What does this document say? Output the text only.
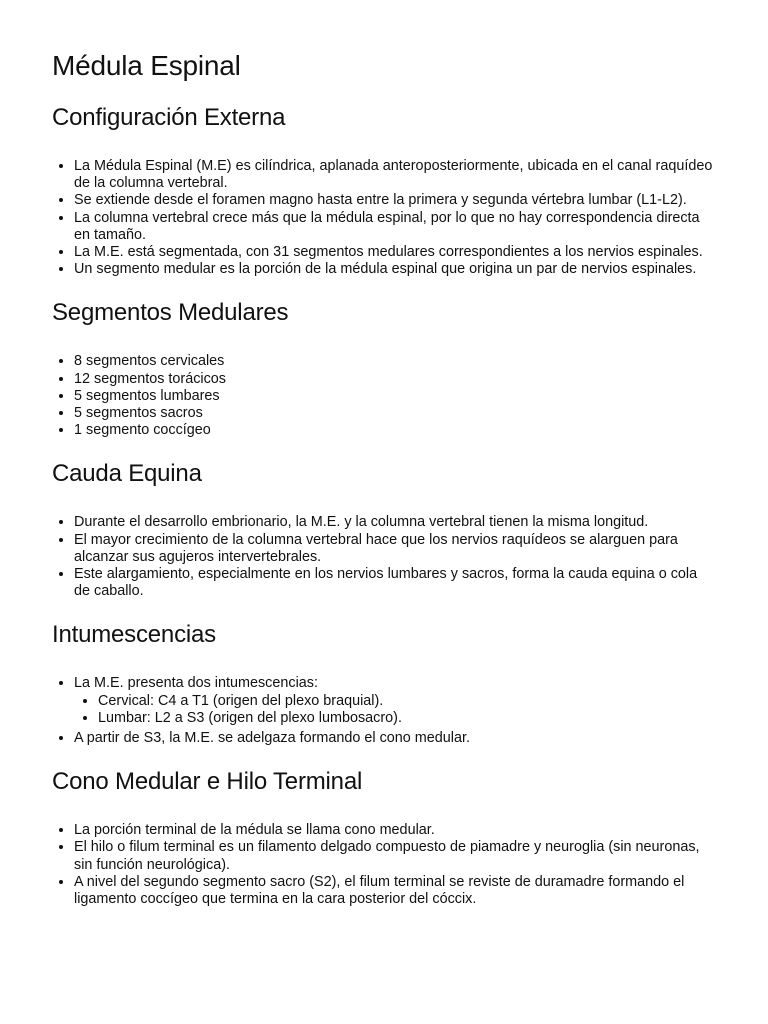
Médula Espinal
Configuración Externa
• La Médula Espinal (M.E) es cilíndrica, aplanada anteroposteriormente, ubicada en el canal raquídeo de la columna vertebral.
• Se extiende desde el foramen magno hasta entre la primera y segunda vértebra lumbar (L1-L2).
• La columna vertebral crece más que la médula espinal, por lo que no hay correspondencia directa en tamaño.
• La M.E. está segmentada, con 31 segmentos medulares correspondientes a los nervios espinales.
• Un segmento medular es la porción de la médula espinal que origina un par de nervios espinales.
Segmentos Medulares
• 8 segmentos cervicales
• 12 segmentos torácicos
• 5 segmentos lumbares
• 5 segmentos sacros
• 1 segmento coccígeo
Cauda Equina
• Durante el desarrollo embrionario, la M.E. y la columna vertebral tienen la misma longitud.
• El mayor crecimiento de la columna vertebral hace que los nervios raquídeos se alarguen para alcanzar sus agujeros intervertebrales.
• Este alargamiento, especialmente en los nervios lumbares y sacros, forma la cauda equina o cola de caballo.
Intumescencias
• La M.E. presenta dos intumescencias:
• Cervical: C4 a T1 (origen del plexo braquial).
• Lumbar: L2 a S3 (origen del plexo lumbosacro).
• A partir de S3, la M.E. se adelgaza formando el cono medular.
Cono Medular e Hilo Terminal
• La porción terminal de la médula se llama cono medular.
• El hilo o filum terminal es un filamento delgado compuesto de piamadre y neuroglia (sin neuronas, sin función neurológica).
• A nivel del segundo segmento sacro (S2), el filum terminal se reviste de duramadre formando el ligamento coccígeo que termina en la cara posterior del cóccix.
